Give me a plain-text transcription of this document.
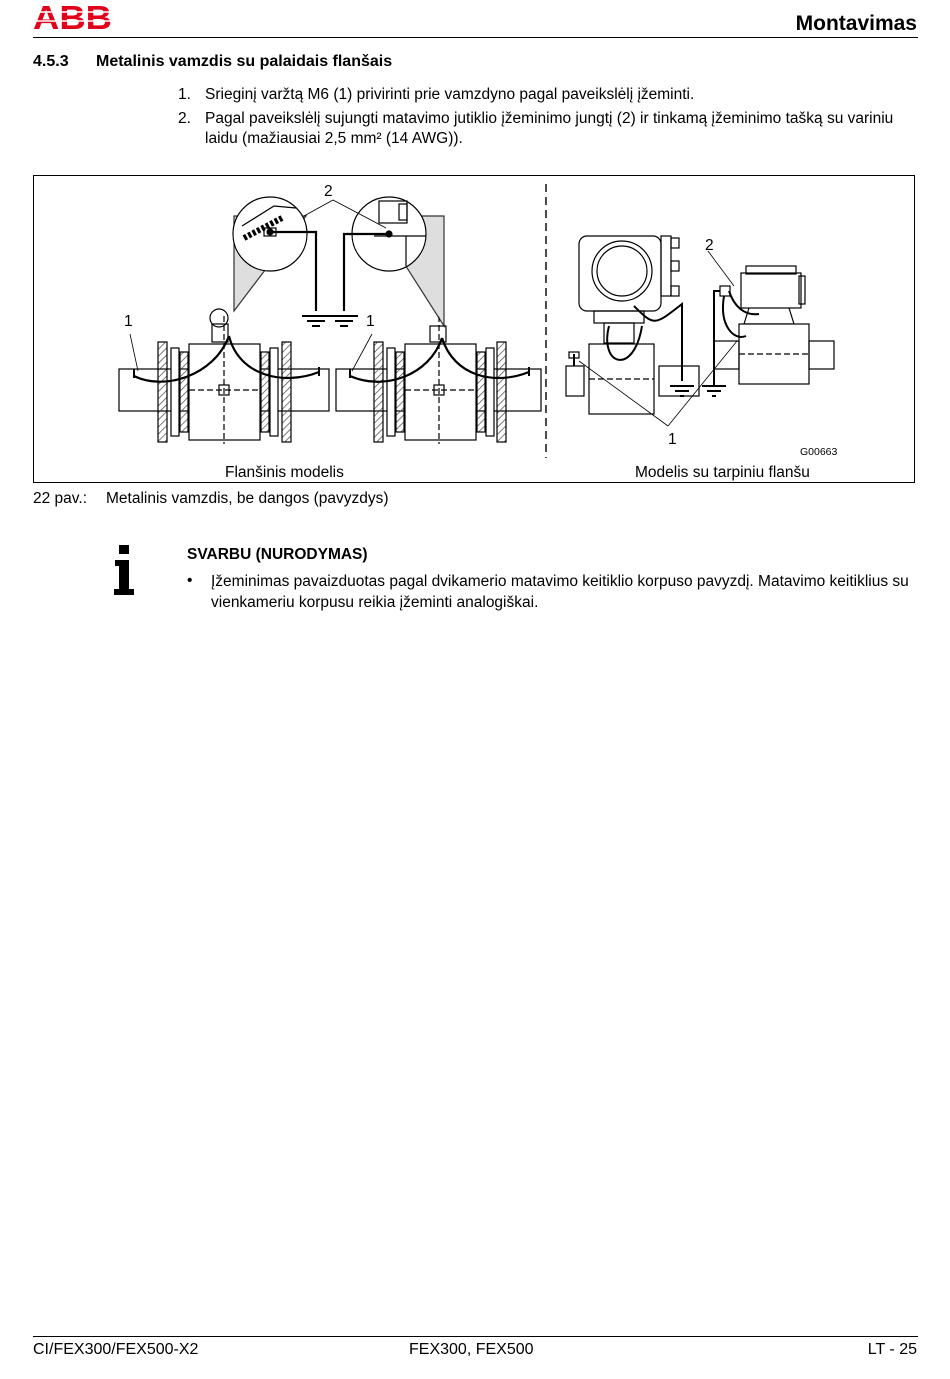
ABB	Montavimas
4.5.3 Metalinis vamzdis su palaidais flanšais
1. Srieginį varžtą M6 (1) privirinti prie vamzdyno pagal paveikslėlį įžeminti.
2. Pagal paveikslėlį sujungti matavimo jutiklio įžeminimo jungtį (2) ir tinkamą įžeminimo tašką su variniu laidu (mažiausiai 2,5 mm² (14 AWG)).
2
1	1
2
1
G00663
Flanšinis modelis	Modelis su tarpiniu flanšu
22 pav.: Metalinis vamzdis, be dangos (pavyzdys)
SVARBU (NURODYMAS)
• Įžeminimas pavaizduotas pagal dvikamerio matavimo keitiklio korpuso pavyzdį. Matavimo keitiklius su vienkameriu korpusu reikia įžeminti analogiškai.
CI/FEX300/FEX500-X2	FEX300, FEX500	LT - 25
